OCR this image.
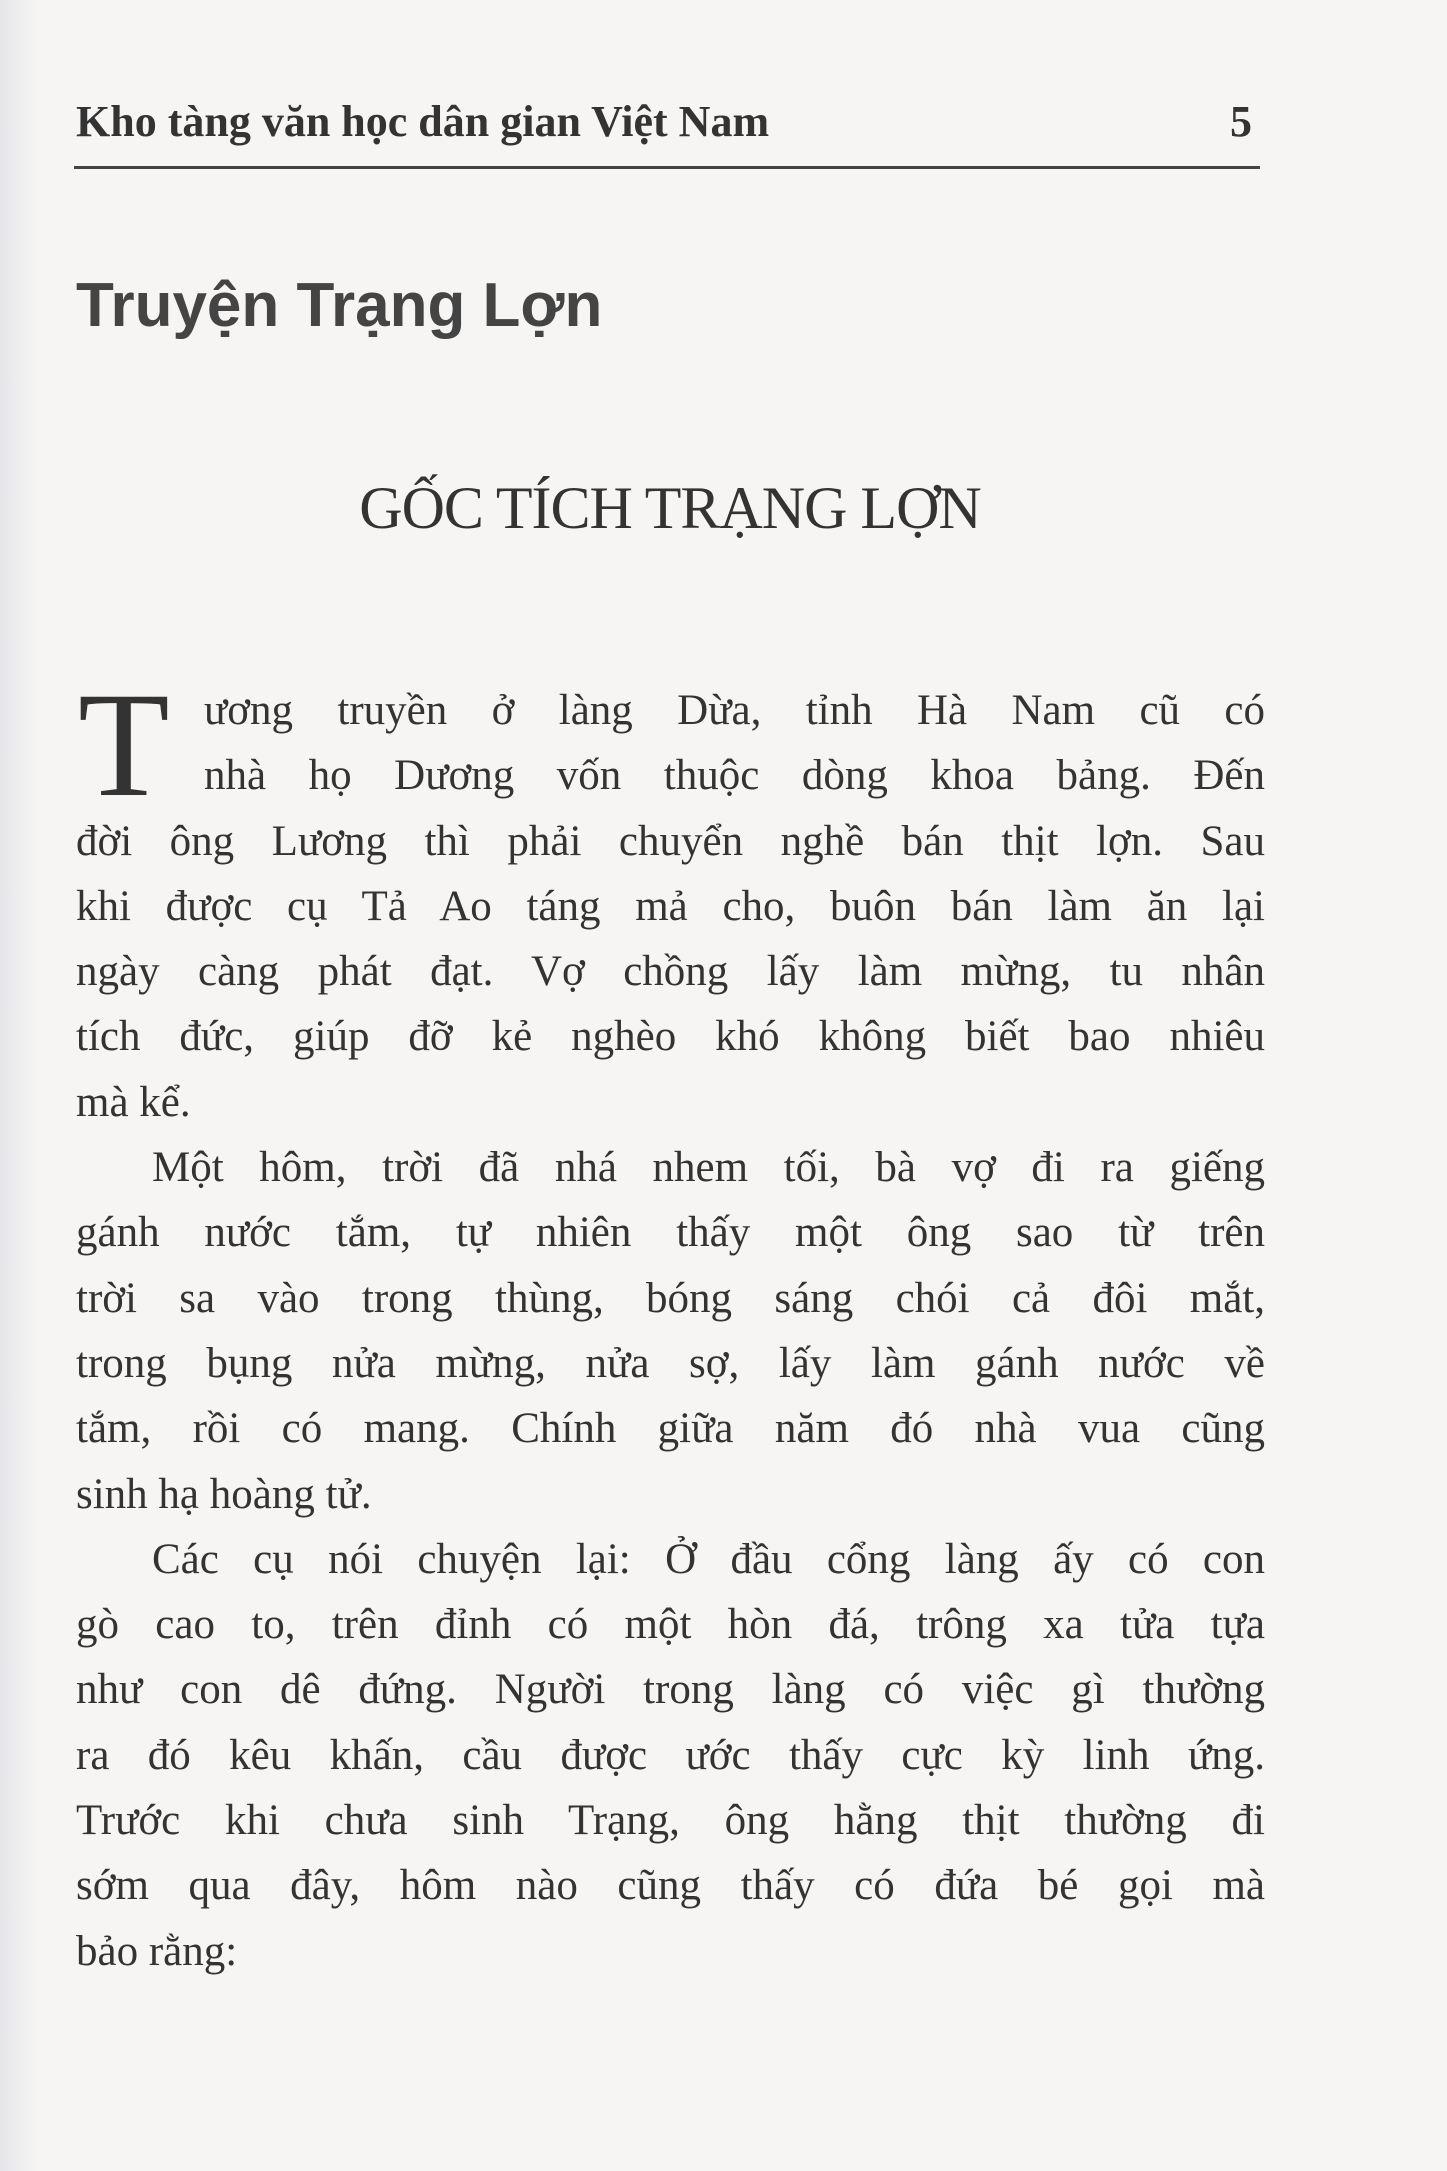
Kho tàng văn học dân gian Việt Nam	5
Truyện Trạng Lợn
GỐC TÍCH TRẠNG LỢN
T ương truyền ở làng Dừa, tỉnh Hà Nam cũ có
nhà họ Dương vốn thuộc dòng khoa bảng. Đến
đời ông Lương thì phải chuyển nghề bán thịt lợn. Sau
khi được cụ Tả Ao táng mả cho, buôn bán làm ăn lại
ngày càng phát đạt. Vợ chồng lấy làm mừng, tu nhân
tích đức, giúp đỡ kẻ nghèo khó không biết bao nhiêu
mà kể.
Một hôm, trời đã nhá nhem tối, bà vợ đi ra giếng
gánh nước tắm, tự nhiên thấy một ông sao từ trên
trời sa vào trong thùng, bóng sáng chói cả đôi mắt,
trong bụng nửa mừng, nửa sợ, lấy làm gánh nước về
tắm, rồi có mang. Chính giữa năm đó nhà vua cũng
sinh hạ hoàng tử.
Các cụ nói chuyện lại: Ở đầu cổng làng ấy có con
gò cao to, trên đỉnh có một hòn đá, trông xa tửa tựa
như con dê đứng. Người trong làng có việc gì thường
ra đó kêu khấn, cầu được ước thấy cực kỳ linh ứng.
Trước khi chưa sinh Trạng, ông hằng thịt thường đi
sớm qua đây, hôm nào cũng thấy có đứa bé gọi mà
bảo rằng:
